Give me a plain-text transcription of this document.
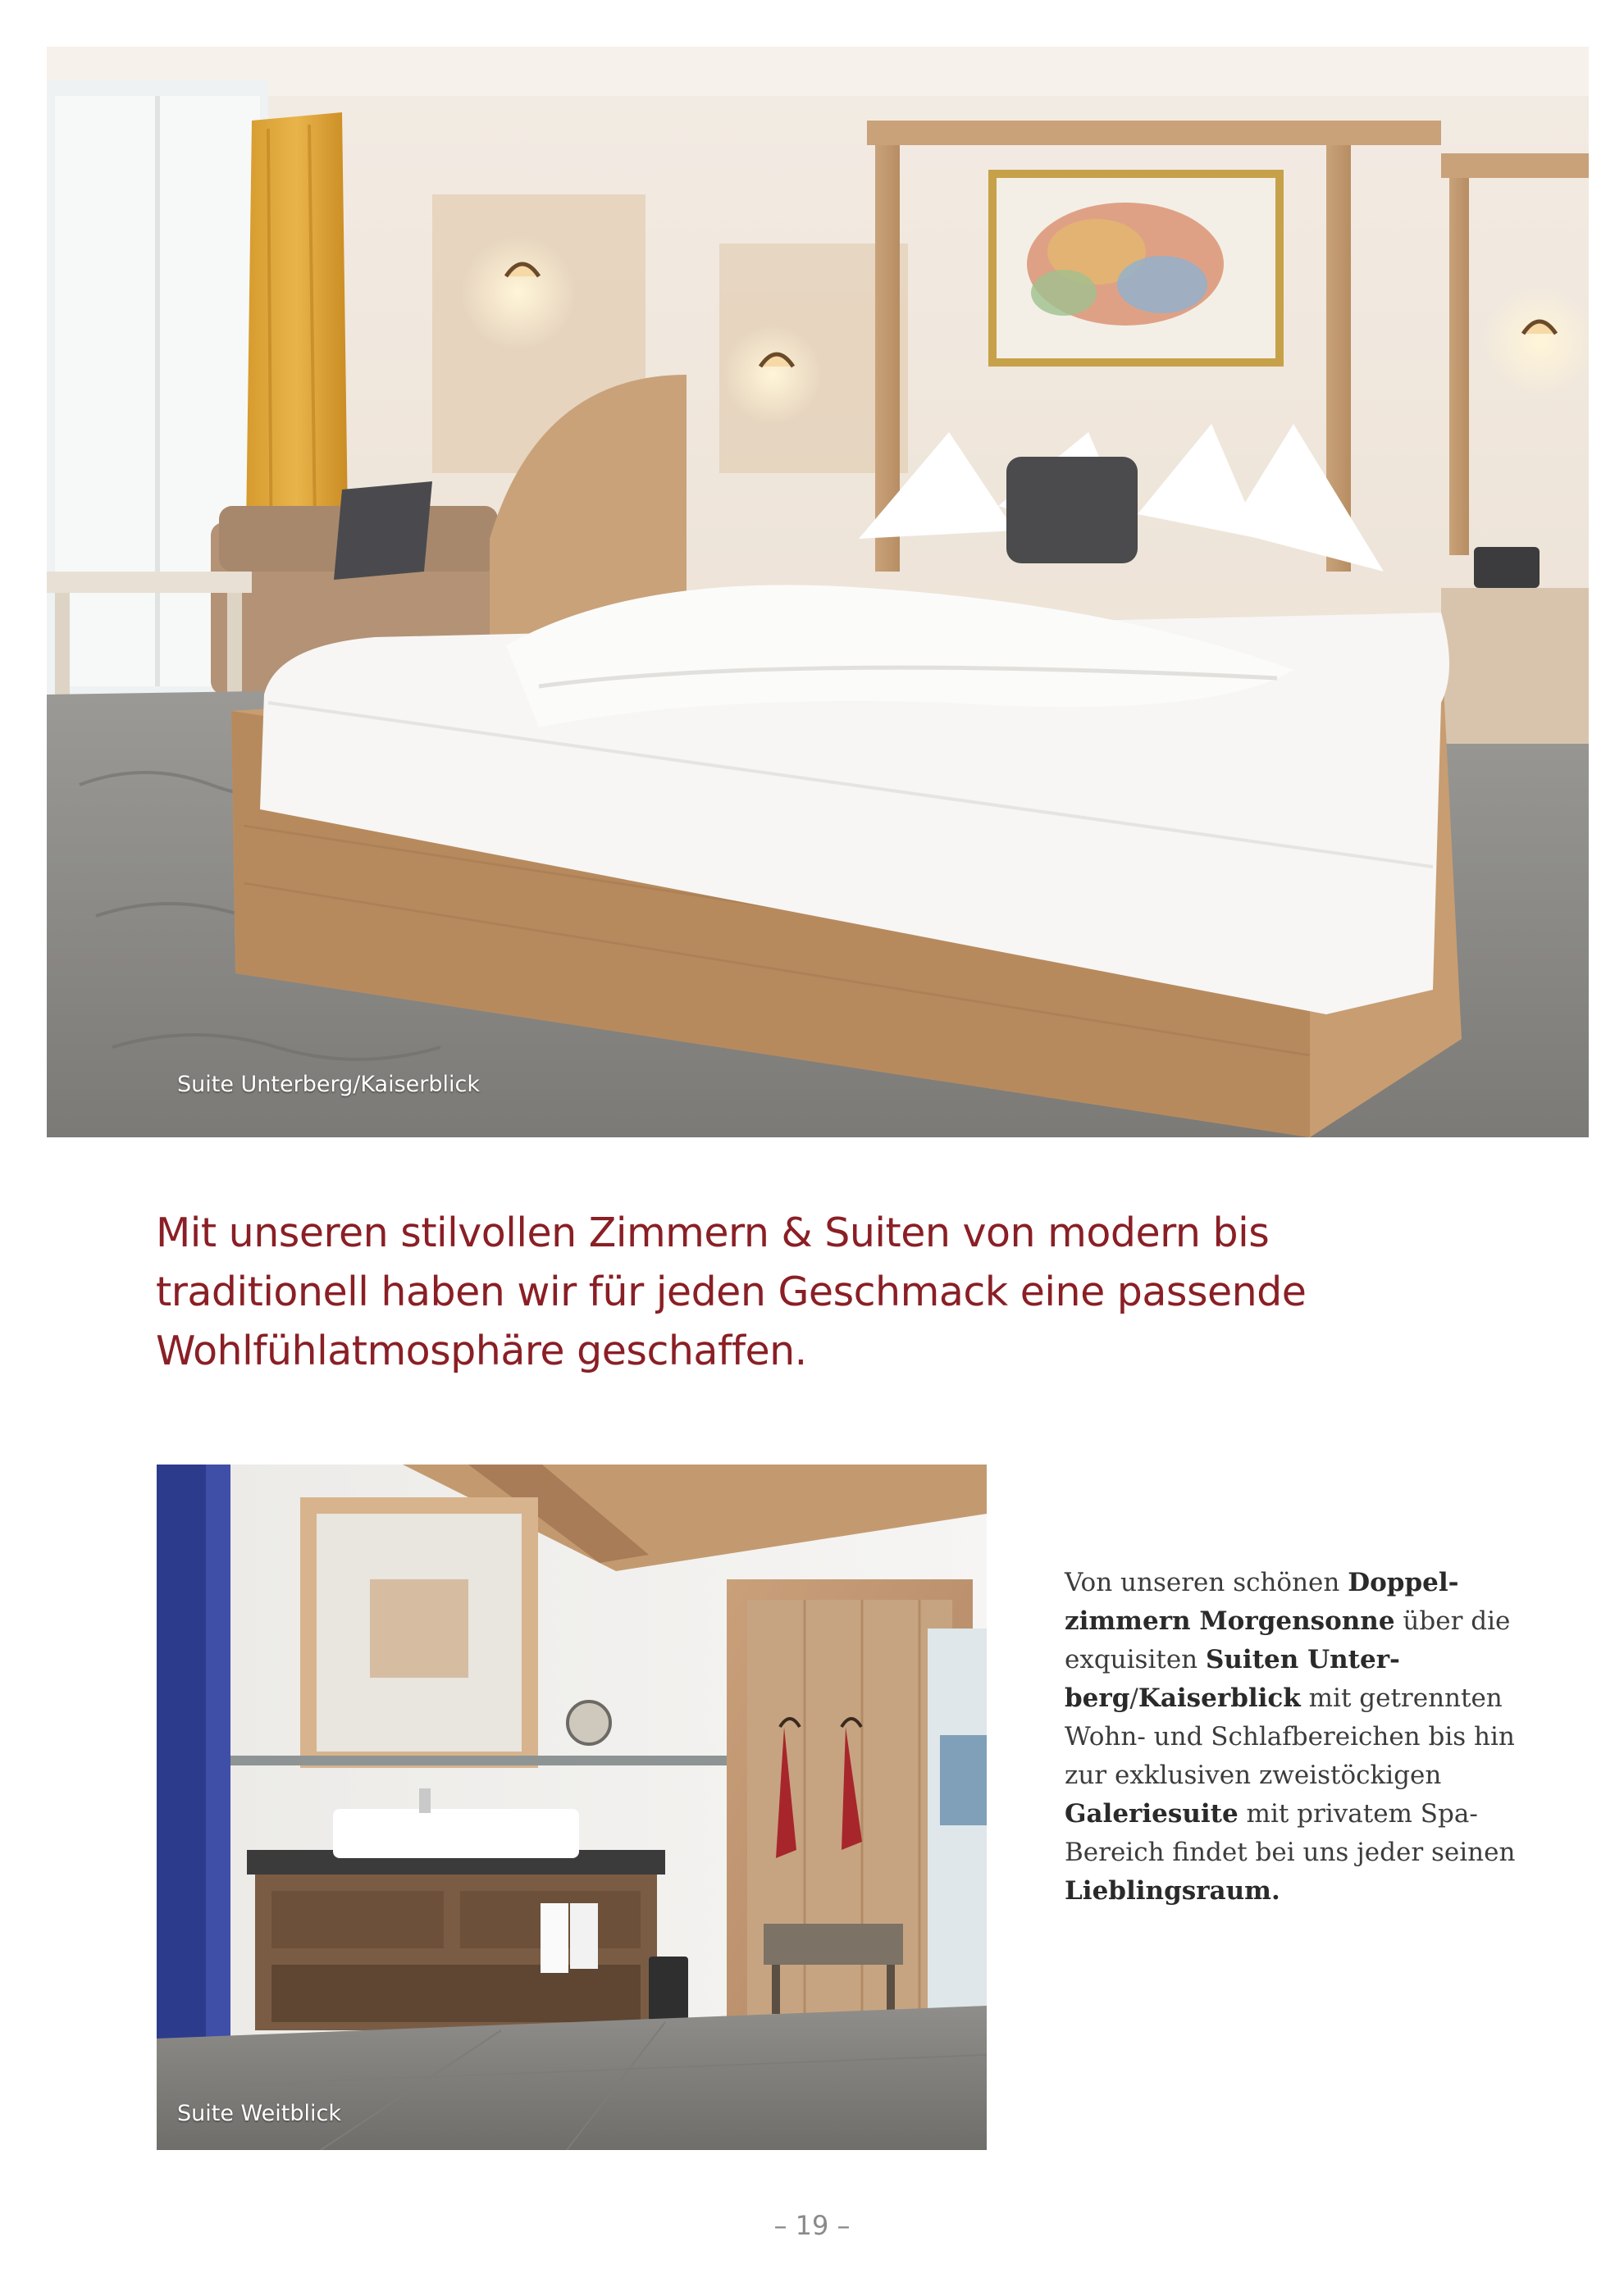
Suite Unterberg/Kaiserblick
Mit unseren stilvollen Zimmern & Suiten von modern bis traditionell haben wir für jeden Geschmack eine passende Wohlfühlatmosphäre geschaffen.
Suite Weitblick

Von unseren schönen Doppel-zimmern Morgensonne über die exquisiten Suiten Unter-berg/Kaiserblick mit getrennten Wohn- und Schlafbereichen bis hin zur exklusiven zweistöckigen Galeriesuite mit privatem Spa-Bereich findet bei uns jeder seinen Lieblingsraum.

– 19 –
